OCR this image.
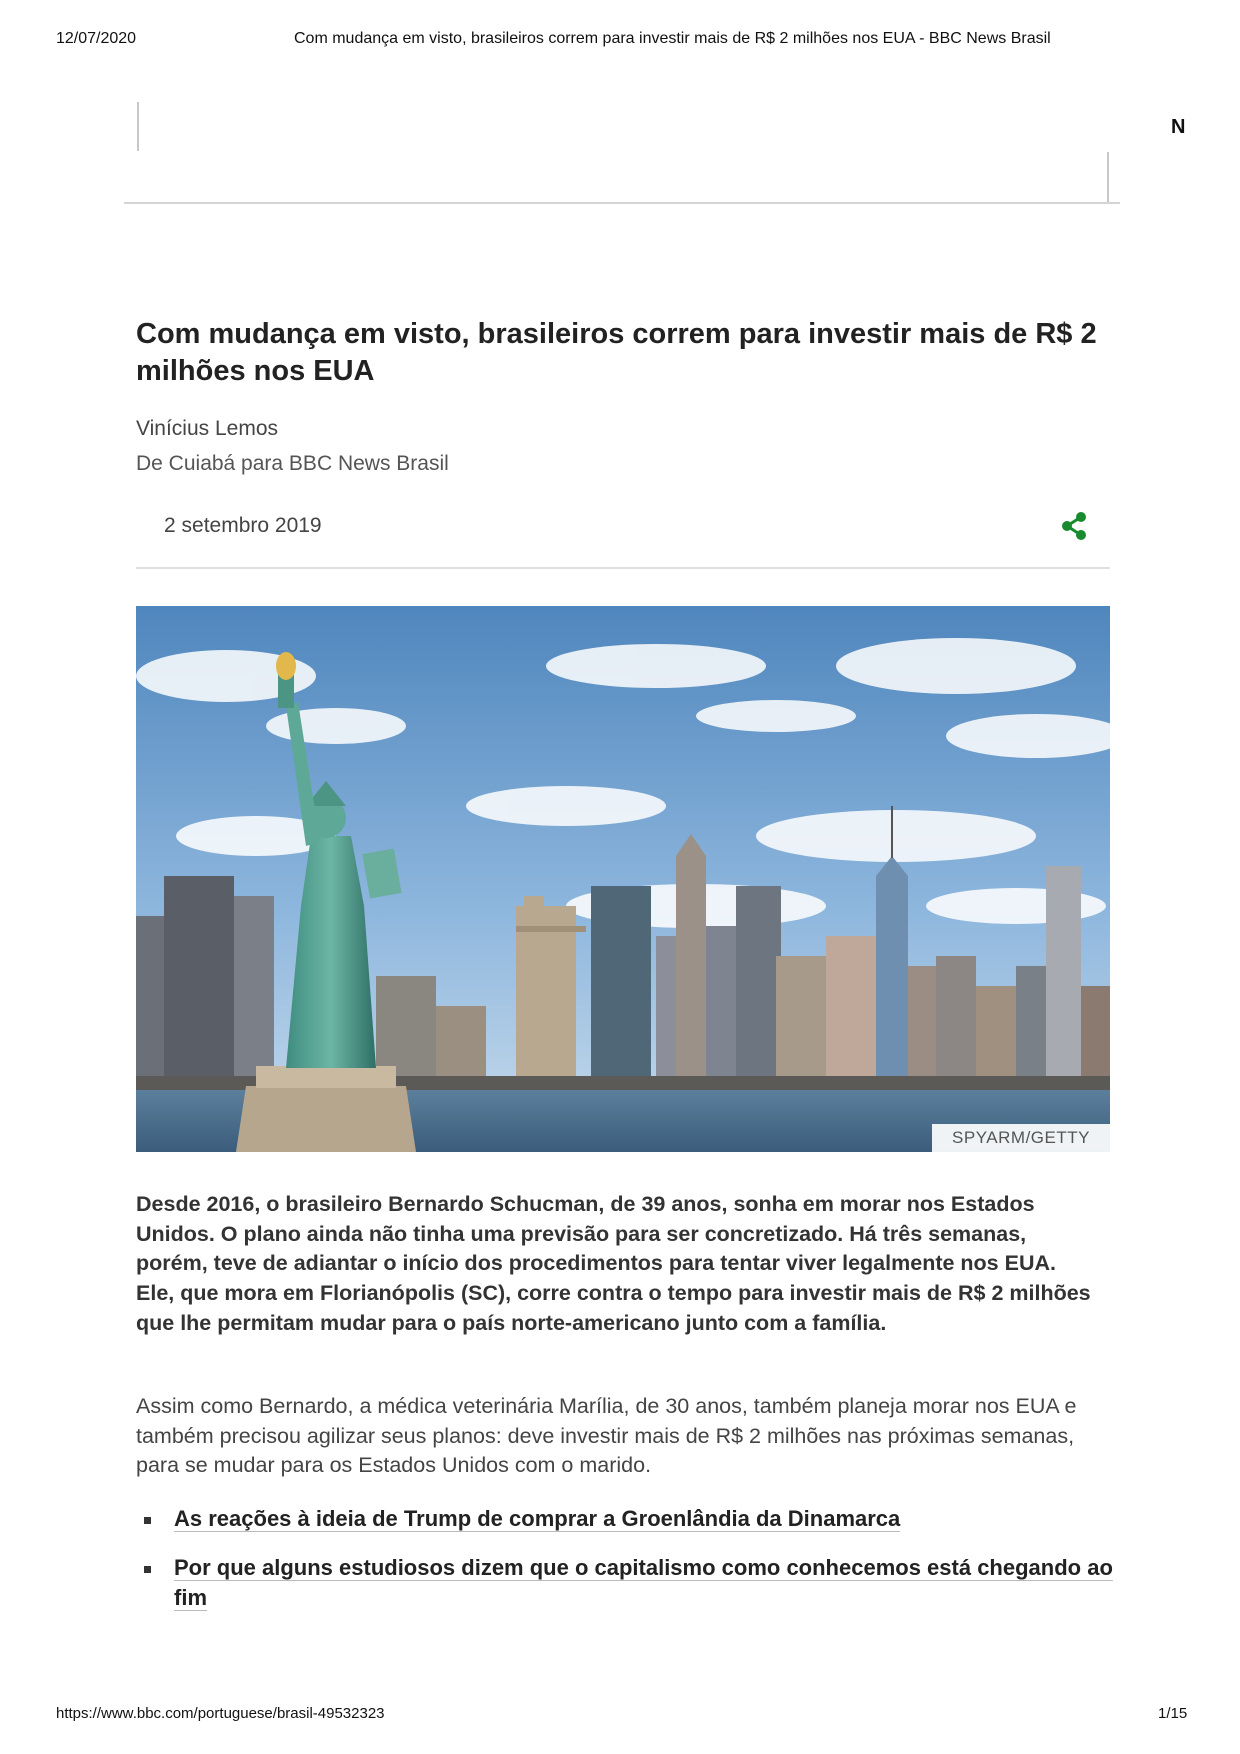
12/07/2020	Com mudança em visto, brasileiros correm para investir mais de R$ 2 milhões nos EUA - BBC News Brasil
N
Com mudança em visto, brasileiros correm para investir mais de R$ 2 milhões nos EUA
Vinícius Lemos
De Cuiabá para BBC News Brasil
2 setembro 2019
SPYARM/GETTY

Desde 2016, o brasileiro Bernardo Schucman, de 39 anos, sonha em morar nos Estados Unidos. O plano ainda não tinha uma previsão para ser concretizado. Há três semanas, porém, teve de adiantar o início dos procedimentos para tentar viver legalmente nos EUA. Ele, que mora em Florianópolis (SC), corre contra o tempo para investir mais de R$ 2 milhões que lhe permitam mudar para o país norte-americano junto com a família.

Assim como Bernardo, a médica veterinária Marília, de 30 anos, também planeja morar nos EUA e também precisou agilizar seus planos: deve investir mais de R$ 2 milhões nas próximas semanas, para se mudar para os Estados Unidos com o marido.

As reações à ideia de Trump de comprar a Groenlândia da Dinamarca
Por que alguns estudiosos dizem que o capitalismo como conhecemos está chegando ao fim
https://www.bbc.com/portuguese/brasil-49532323	1/15
